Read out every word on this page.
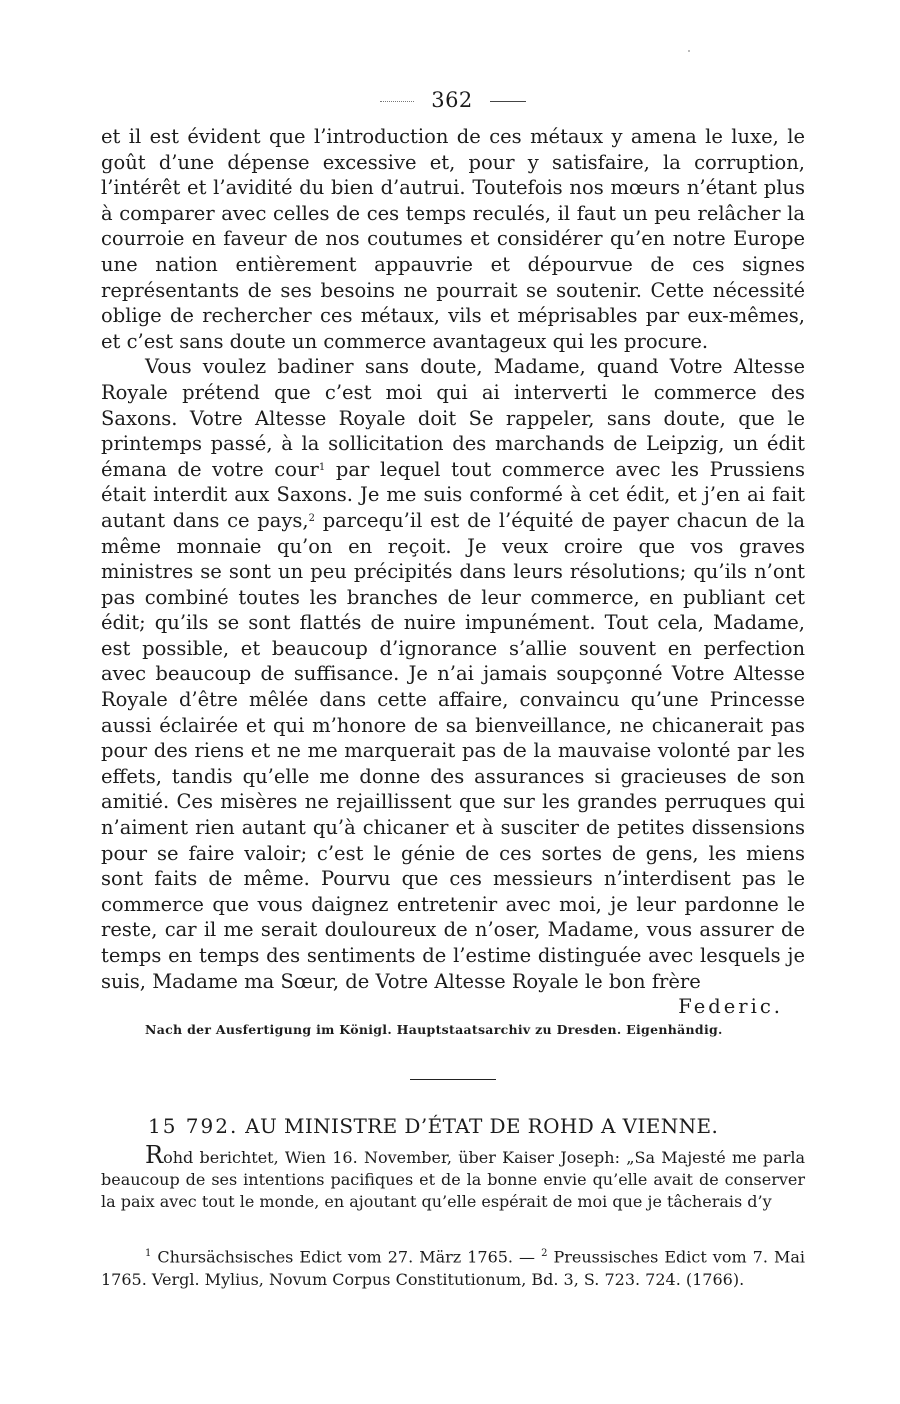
362

et il est évident que l’introduction de ces métaux y amena le luxe, le goût d’une dépense excessive et, pour y satisfaire, la corruption, l’intérêt et l’avidité du bien d’autrui. Toutefois nos mœurs n’étant plus à comparer avec celles de ces temps reculés, il faut un peu relâcher la courroie en faveur de nos coutumes et considérer qu’en notre Europe une nation entièrement appauvrie et dépourvue de ces signes représentants de ses besoins ne pourrait se soutenir. Cette nécessité oblige de rechercher ces métaux, vils et méprisables par eux-mêmes, et c’est sans doute un commerce avantageux qui les procure.

Vous voulez badiner sans doute, Madame, quand Votre Altesse Royale prétend que c’est moi qui ai interverti le commerce des Saxons. Votre Altesse Royale doit Se rappeler, sans doute, que le printemps passé, à la sollicitation des marchands de Leipzig, un édit émana de votre cour$^1$ par lequel tout commerce avec les Prussiens était interdit aux Saxons. Je me suis conformé à cet édit, et j’en ai fait autant dans ce pays,$^2$ parcequ’il est de l’équité de payer chacun de la même monnaie qu’on en reçoit. Je veux croire que vos graves ministres se sont un peu précipités dans leurs résolutions; qu’ils n’ont pas combiné toutes les branches de leur commerce, en publiant cet édit; qu’ils se sont flattés de nuire impunément. Tout cela, Madame, est possible, et beaucoup d’ignorance s’allie souvent en perfection avec beaucoup de suffisance. Je n’ai jamais soupçonné Votre Altesse Royale d’être mêlée dans cette affaire, convaincu qu’une Princesse aussi éclairée et qui m’honore de sa bienveillance, ne chicanerait pas pour des riens et ne me marquerait pas de la mauvaise volonté par les effets, tandis qu’elle me donne des assurances si gracieuses de son amitié. Ces misères ne rejaillissent que sur les grandes perruques qui n’aiment rien autant qu’à chicaner et à susciter de petites dissensions pour se faire valoir; c’est le génie de ces sortes de gens, les miens sont faits de même. Pourvu que ces messieurs n’interdisent pas le commerce que vous daignez entretenir avec moi, je leur pardonne le reste, car il me serait douloureux de n’oser, Madame, vous assurer de temps en temps des sentiments de l’estime distinguée avec lesquels je suis, Madame ma Sœur, de Votre Altesse Royale le bon frère

Federic.
Nach der Ausfertigung im Königl. Hauptstaatsarchiv zu Dresden. Eigenhändig.
15 792. AU MINISTRE D’ÉTAT DE ROHD A VIENNE.

Rohd berichtet, Wien 16. November, über Kaiser Joseph: „Sa Majesté me parla beaucoup de ses intentions pacifiques et de la bonne envie qu’elle avait de conserver la paix avec tout le monde, en ajoutant qu’elle espérait de moi que je tâcherais d’y

$^1$ Chursächsisches Edict vom 27. März 1765. — $^2$ Preussisches Edict vom 7. Mai 1765. Vergl. Mylius, Novum Corpus Constitutionum, Bd. 3, S. 723. 724. (1766).
